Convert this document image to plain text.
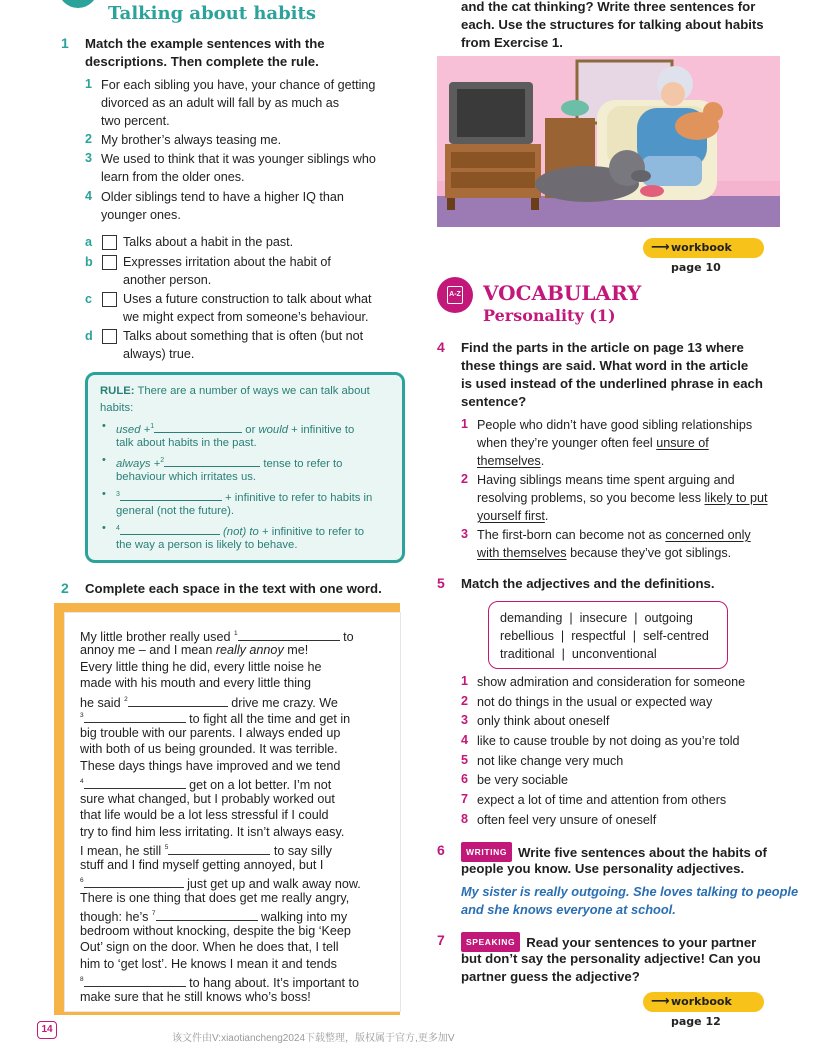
Talking about habits
1 Match the example sentences with the
descriptions. Then complete the rule.
1 For each sibling you have, your chance of getting
divorced as an adult will fall by as much as
two percent.
2 My brother’s always teasing me.
3 We used to think that it was younger siblings who
learn from the older ones.
4 Older siblings tend to have a higher IQ than
younger ones.
a Talks about a habit in the past.
b Expresses irritation about the habit of
another person.
c Uses a future construction to talk about what
we might expect from someone’s behaviour.
d Talks about something that is often (but not
always) true.
RULE: There are a number of ways we can talk about
habits:
• used +$^1$	or would + infinitive to
talk about habits in the past.
• always +$^2$	tense to refer to
behaviour which irritates us.
• $^3$	+ infinitive to refer to habits in
general (not the future).
• $^4$	(not) to + infinitive to refer to
the way a person is likely to behave.
2 Complete each space in the text with one word.
My little brother really used $^1$	to
annoy me – and I mean really annoy me!
Every little thing he did, every little noise he
made with his mouth and every little thing
he said $^2$	drive me crazy. We
$^3$	to fight all the time and get in
big trouble with our parents. I always ended up
with both of us being grounded. It was terrible.
These days things have improved and we tend
$^4$	get on a lot better. I’m not
sure what changed, but I probably worked out
that life would be a lot less stressful if I could
try to find him less irritating. It isn’t always easy.
I mean, he still $^5$	to say silly
stuff and I find myself getting annoyed, but I
$^6$	just get up and walk away now.
There is one thing that does get me really angry,
though: he’s $^7$	walking into my
bedroom without knocking, despite the big ‘Keep
Out’ sign on the door. When he does that, I tell
him to ‘get lost’. He knows I mean it and tends
$^8$	to hang about. It’s important to
make sure that he still knows who’s boss!
and the cat thinking? Write three sentences for
each. Use the structures for talking about habits
from Exercise 1.
⟶ workbook page 10
A-Z VOCABULARY
Personality (1)
4 Find the parts in the article on page 13 where
these things are said. What word in the article
is used instead of the underlined phrase in each
sentence?
1 People who didn’t have good sibling relationships
when they’re younger often feel unsure of
themselves.
2 Having siblings means time spent arguing and
resolving problems, so you become less likely to put
yourself first.
3 The first-born can become not as concerned only
with themselves because they’ve got siblings.
5 Match the adjectives and the definitions.
demanding  |  insecure  |  outgoing
rebellious  |  respectful  |  self-centred
traditional  |  unconventional
1 show admiration and consideration for someone
2 not do things in the usual or expected way
3 only think about oneself
4 like to cause trouble by not doing as you’re told
5 not like change very much
6 be very sociable
7 expect a lot of time and attention from others
8 often feel very unsure of oneself
6	WRITING Write five sentences about the habits of
people you know. Use personality adjectives.
My sister is really outgoing. She loves talking to people
and she knows everyone at school.
7	SPEAKING Read your sentences to your partner
but don’t say the personality adjective! Can you
partner guess the adjective?
⟶ workbook page 12
14
该文件由V:xiaotiancheng2024下载整理，版权属于官方,更多加V
